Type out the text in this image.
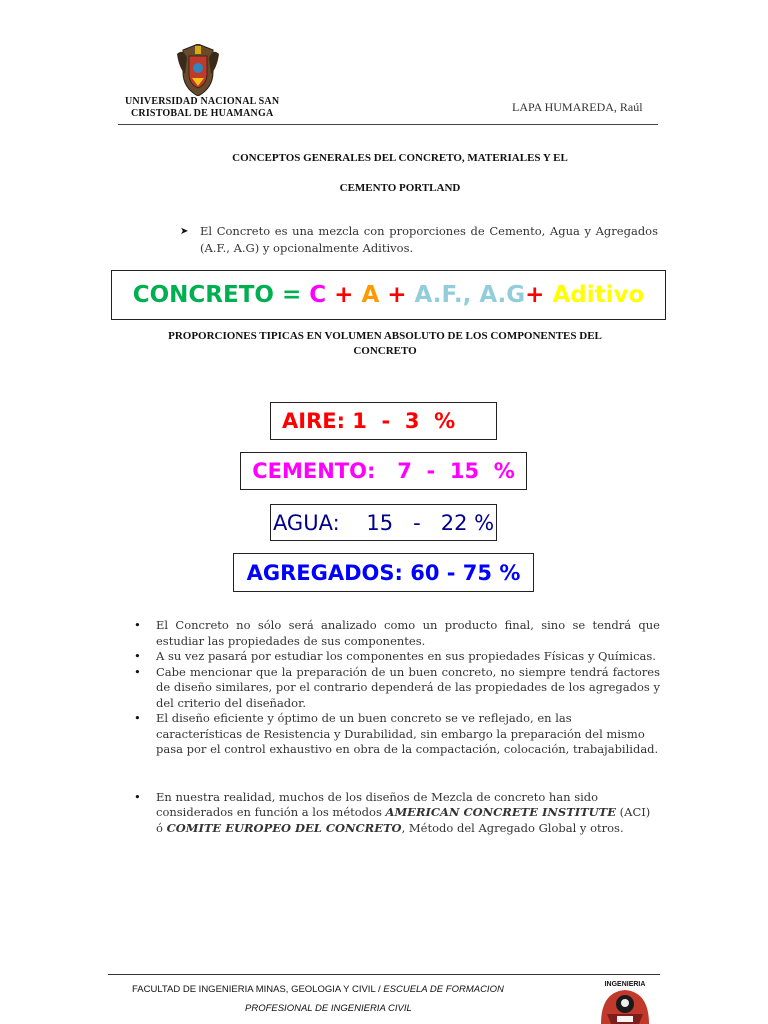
UNIVERSIDAD NACIONAL SAN
CRISTOBAL DE HUAMANGA	LAPA HUMAREDA, Raúl
CONCEPTOS GENERALES DEL CONCRETO, MATERIALES Y EL
CEMENTO PORTLAND
➤	El Concreto es una mezcla con proporciones de Cemento, Agua y Agregados (A.F., A.G) y opcionalmente Aditivos.
CONCRETO = C + A + A.F., A.G + Aditivo
PROPORCIONES TIPICAS EN VOLUMEN ABSOLUTO DE LOS COMPONENTES DEL
CONCRETO
AIRE: 1  -  3  %
CEMENTO:   7  -  15  %
AGUA:    15   -   22 %
AGREGADOS: 60 - 75 %
• El Concreto no sólo será analizado como un producto final, sino se tendrá que estudiar las propiedades de sus componentes.
• A su vez pasará por estudiar los componentes en sus propiedades Físicas y Químicas.
• Cabe mencionar que la preparación de un buen concreto, no siempre tendrá factores de diseño similares, por el contrario dependerá de las propiedades de los agregados y del criterio del diseñador.
• El diseño eficiente y óptimo de un buen concreto se ve reflejado, en las características de Resistencia y Durabilidad, sin embargo la preparación del mismo pasa por el control exhaustivo en obra de la compactación, colocación, trabajabilidad.
• En nuestra realidad, muchos de los diseños de Mezcla de concreto han sido considerados en función a los métodos AMERICAN CONCRETE INSTITUTE (ACI) ó COMITE EUROPEO DEL CONCRETO, Método del Agregado Global y otros.
FACULTAD DE INGENIERIA MINAS, GEOLOGIA Y CIVIL / ESCUELA DE FORMACION
PROFESIONAL DE INGENIERIA CIVIL
INGENIERIA
